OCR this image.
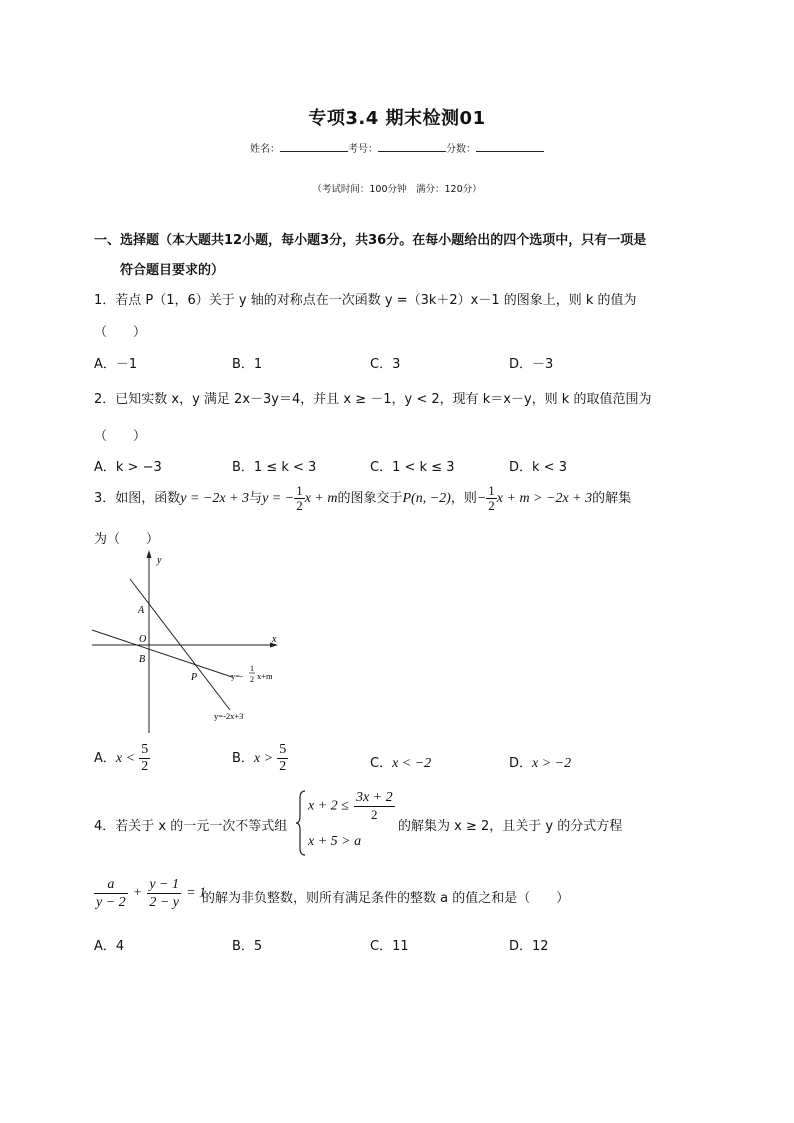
专项3.4 期末检测01
姓名：	考号：	分数：
（考试时间：100分钟　满分：120分）
一、选择题（本大题共12小题，每小题3分，共36分。在每小题给出的四个选项中，只有一项是
符合题目要求的）
1．若点 P（1，6）关于 y 轴的对称点在一次函数 y =（3k＋2）x－1 的图象上，则 k 的值为
（　　）
A．－1	B．1	C．3	D．－3
2．已知实数 x，y 满足 2x－3y＝4，并且 x ≥ －1，y < 2，现有 k＝x－y，则 k 的取值范围为
（　　）
A．k > −3	B．1 ≤ k < 3	C．1 < k ≤ 3	D．k < 3
3．如图，函数y = −2x + 3与y = − $\frac{1}{2}$ x + m的图象交于P(n, −2)，则− $\frac{1}{2}$ x + m > −2x + 3的解集
为（　　）
y
x
A
O
B
P	y=-
1
2 x+m
y=-2x+3
A．$x < \frac{5}{2}$	B．$x > \frac{5}{2}$	C．x < −2	D．x > −2
4．若关于 x 的一元一次不等式组
$x + 2 \le \frac{3x + 2}{2}$
x + 5 > a
的解集为 x ≥ 2，且关于 y 的分式方程
$\frac{a}{y - 2} + \frac{y - 1}{2 - y} = 1$
的解为非负整数，则所有满足条件的整数 a 的值之和是（　　）
A．4	B．5	C．11	D．12
